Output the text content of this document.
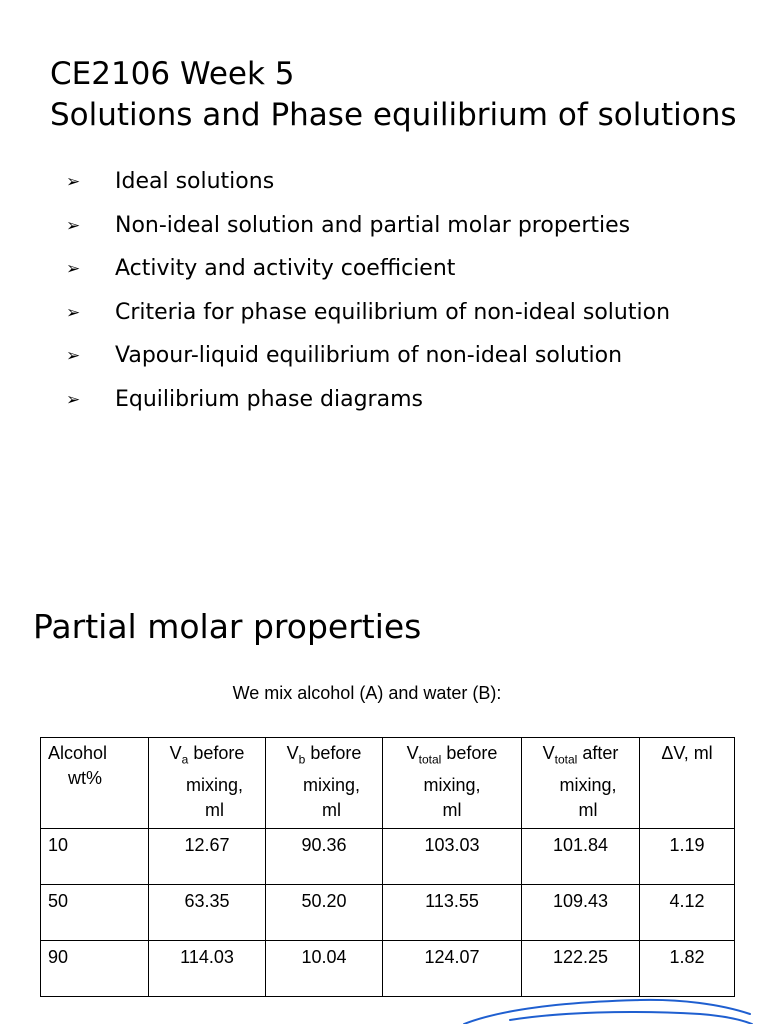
CE2106 Week 5
Solutions and Phase equilibrium of solutions
➢ Ideal solutions
➢ Non-ideal solution and partial molar properties
➢ Activity and activity coefficient
➢ Criteria for phase equilibrium of non-ideal solution
➢ Vapour-liquid equilibrium of non-ideal solution
➢ Equilibrium phase diagrams
Partial molar properties
We mix alcohol (A) and water (B):
Alcohol
wt%	$V_a$ before
mixing,
ml	$V_b$ before
mixing,
ml	$V_{total}$ before
mixing,
ml	$V_{total}$ after
mixing,
ml	ΔV, ml
10	12.67	90.36	103.03	101.84	1.19
50	63.35	50.20	113.55	109.43	4.12
90	114.03	10.04	124.07	122.25	1.82
